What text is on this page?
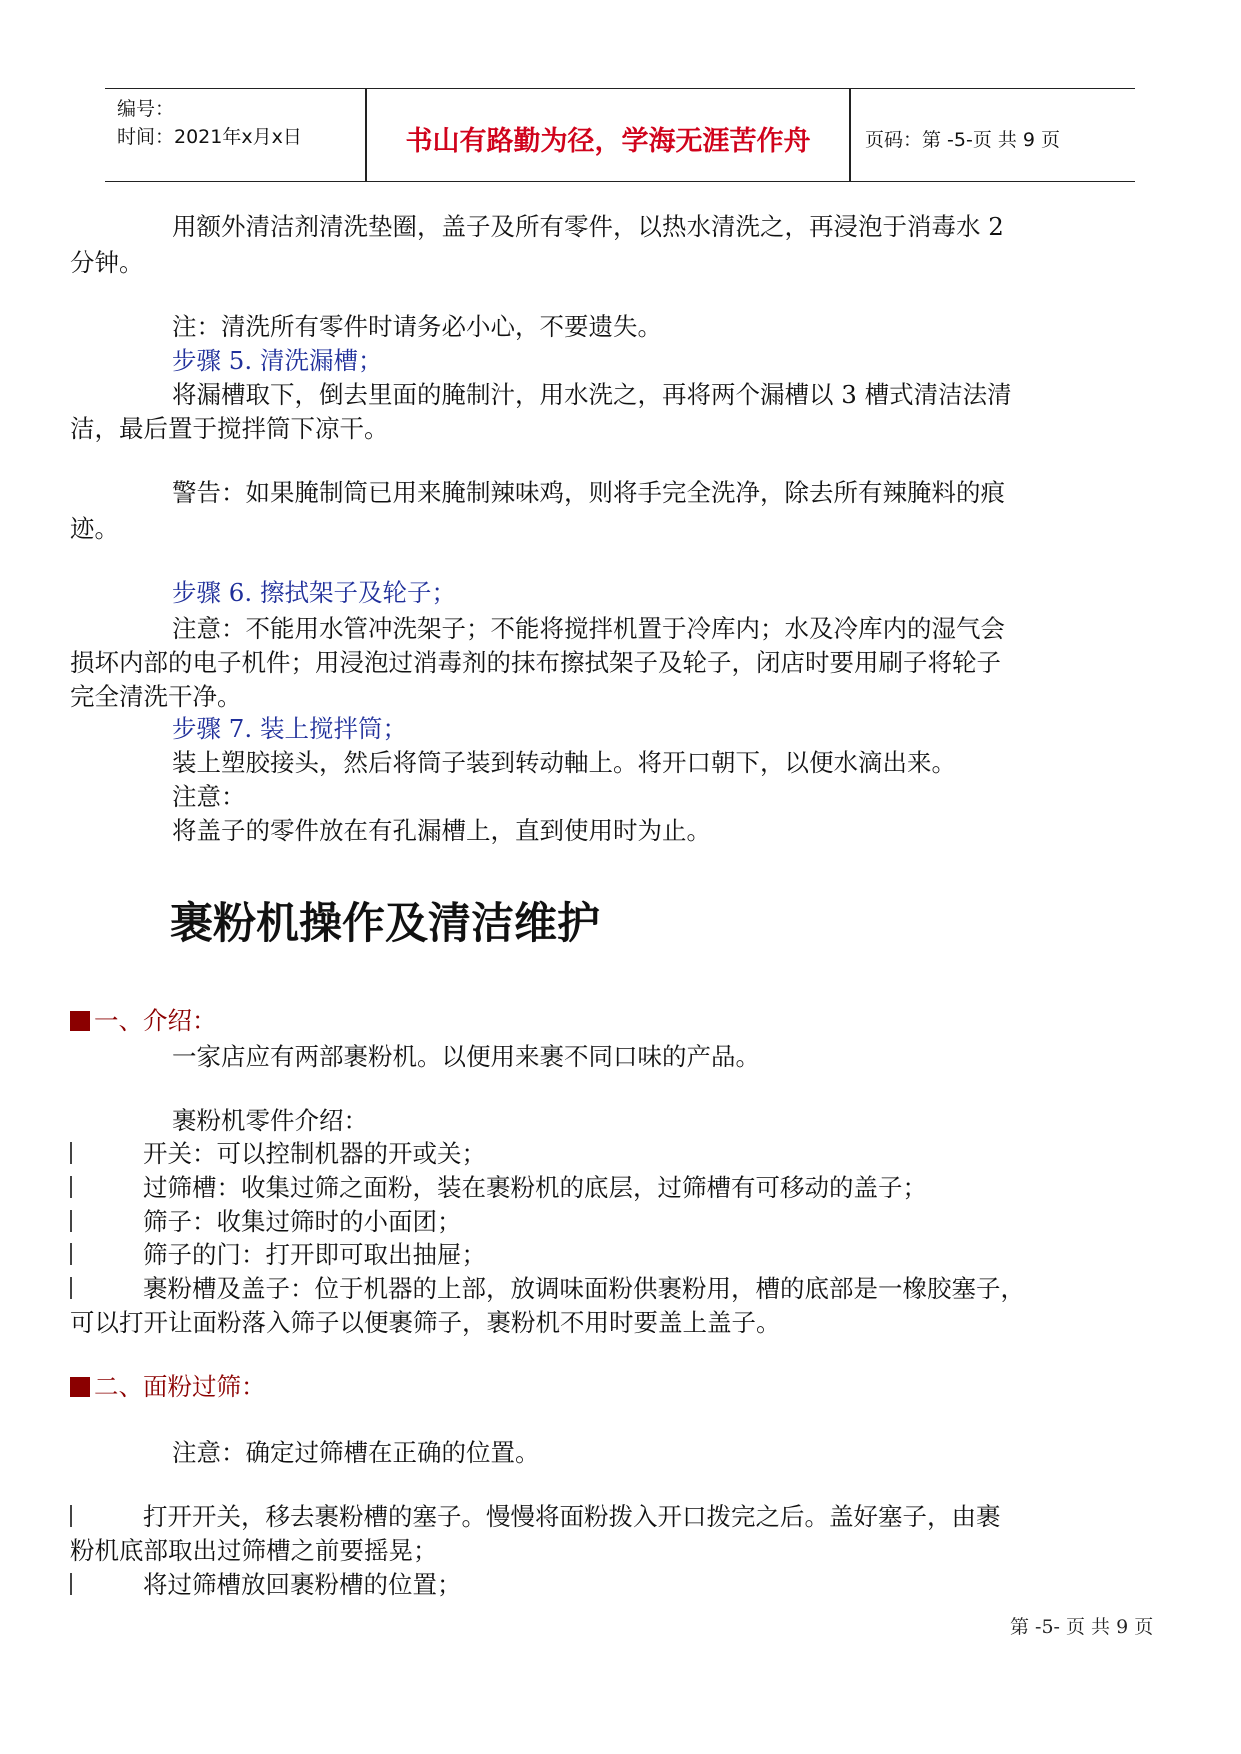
编号：
时间：2021年x月x日	书山有路勤为径，学海无涯苦作舟	页码：第 -5-页 共 9 页
用额外清洁剂清洗垫圈，盖子及所有零件，以热水清洗之，再浸泡于消毒水 2
分钟。
注：清洗所有零件时请务必小心，不要遗失。
步骤 5. 清洗漏槽；
将漏槽取下，倒去里面的腌制汁，用水洗之，再将两个漏槽以 3 槽式清洁法清
洁，最后置于搅拌筒下凉干。
警告：如果腌制筒已用来腌制辣味鸡，则将手完全洗净，除去所有辣腌料的痕
迹。
步骤 6. 擦拭架子及轮子；
注意：不能用水管冲洗架子；不能将搅拌机置于冷库内；水及冷库内的湿气会
损坏内部的电子机件；用浸泡过消毒剂的抹布擦拭架子及轮子，闭店时要用刷子将轮子
完全清洗干净。
步骤 7. 装上搅拌筒；
装上塑胶接头，然后将筒子装到转动軸上。将开口朝下，以便水滴出来。
注意：
将盖子的零件放在有孔漏槽上，直到使用时为止。
裹粉机操作及清洁维护
一、介绍：
一家店应有两部裹粉机。以便用来裹不同口味的产品。
裹粉机零件介绍：
开关：可以控制机器的开或关；
过筛槽：收集过筛之面粉，装在裹粉机的底层，过筛槽有可移动的盖子；
筛子：收集过筛时的小面团；
筛子的门：打开即可取出抽屉；
裹粉槽及盖子：位于机器的上部，放调味面粉供裹粉用，槽的底部是一橡胶塞子，
可以打开让面粉落入筛子以便裹筛子，裹粉机不用时要盖上盖子。
二、面粉过筛：
注意：确定过筛槽在正确的位置。
打开开关，移去裹粉槽的塞子。慢慢将面粉拨入开口拨完之后。盖好塞子，由裹
粉机底部取出过筛槽之前要摇晃；
将过筛槽放回裹粉槽的位置；
第 -5- 页 共 9 页
